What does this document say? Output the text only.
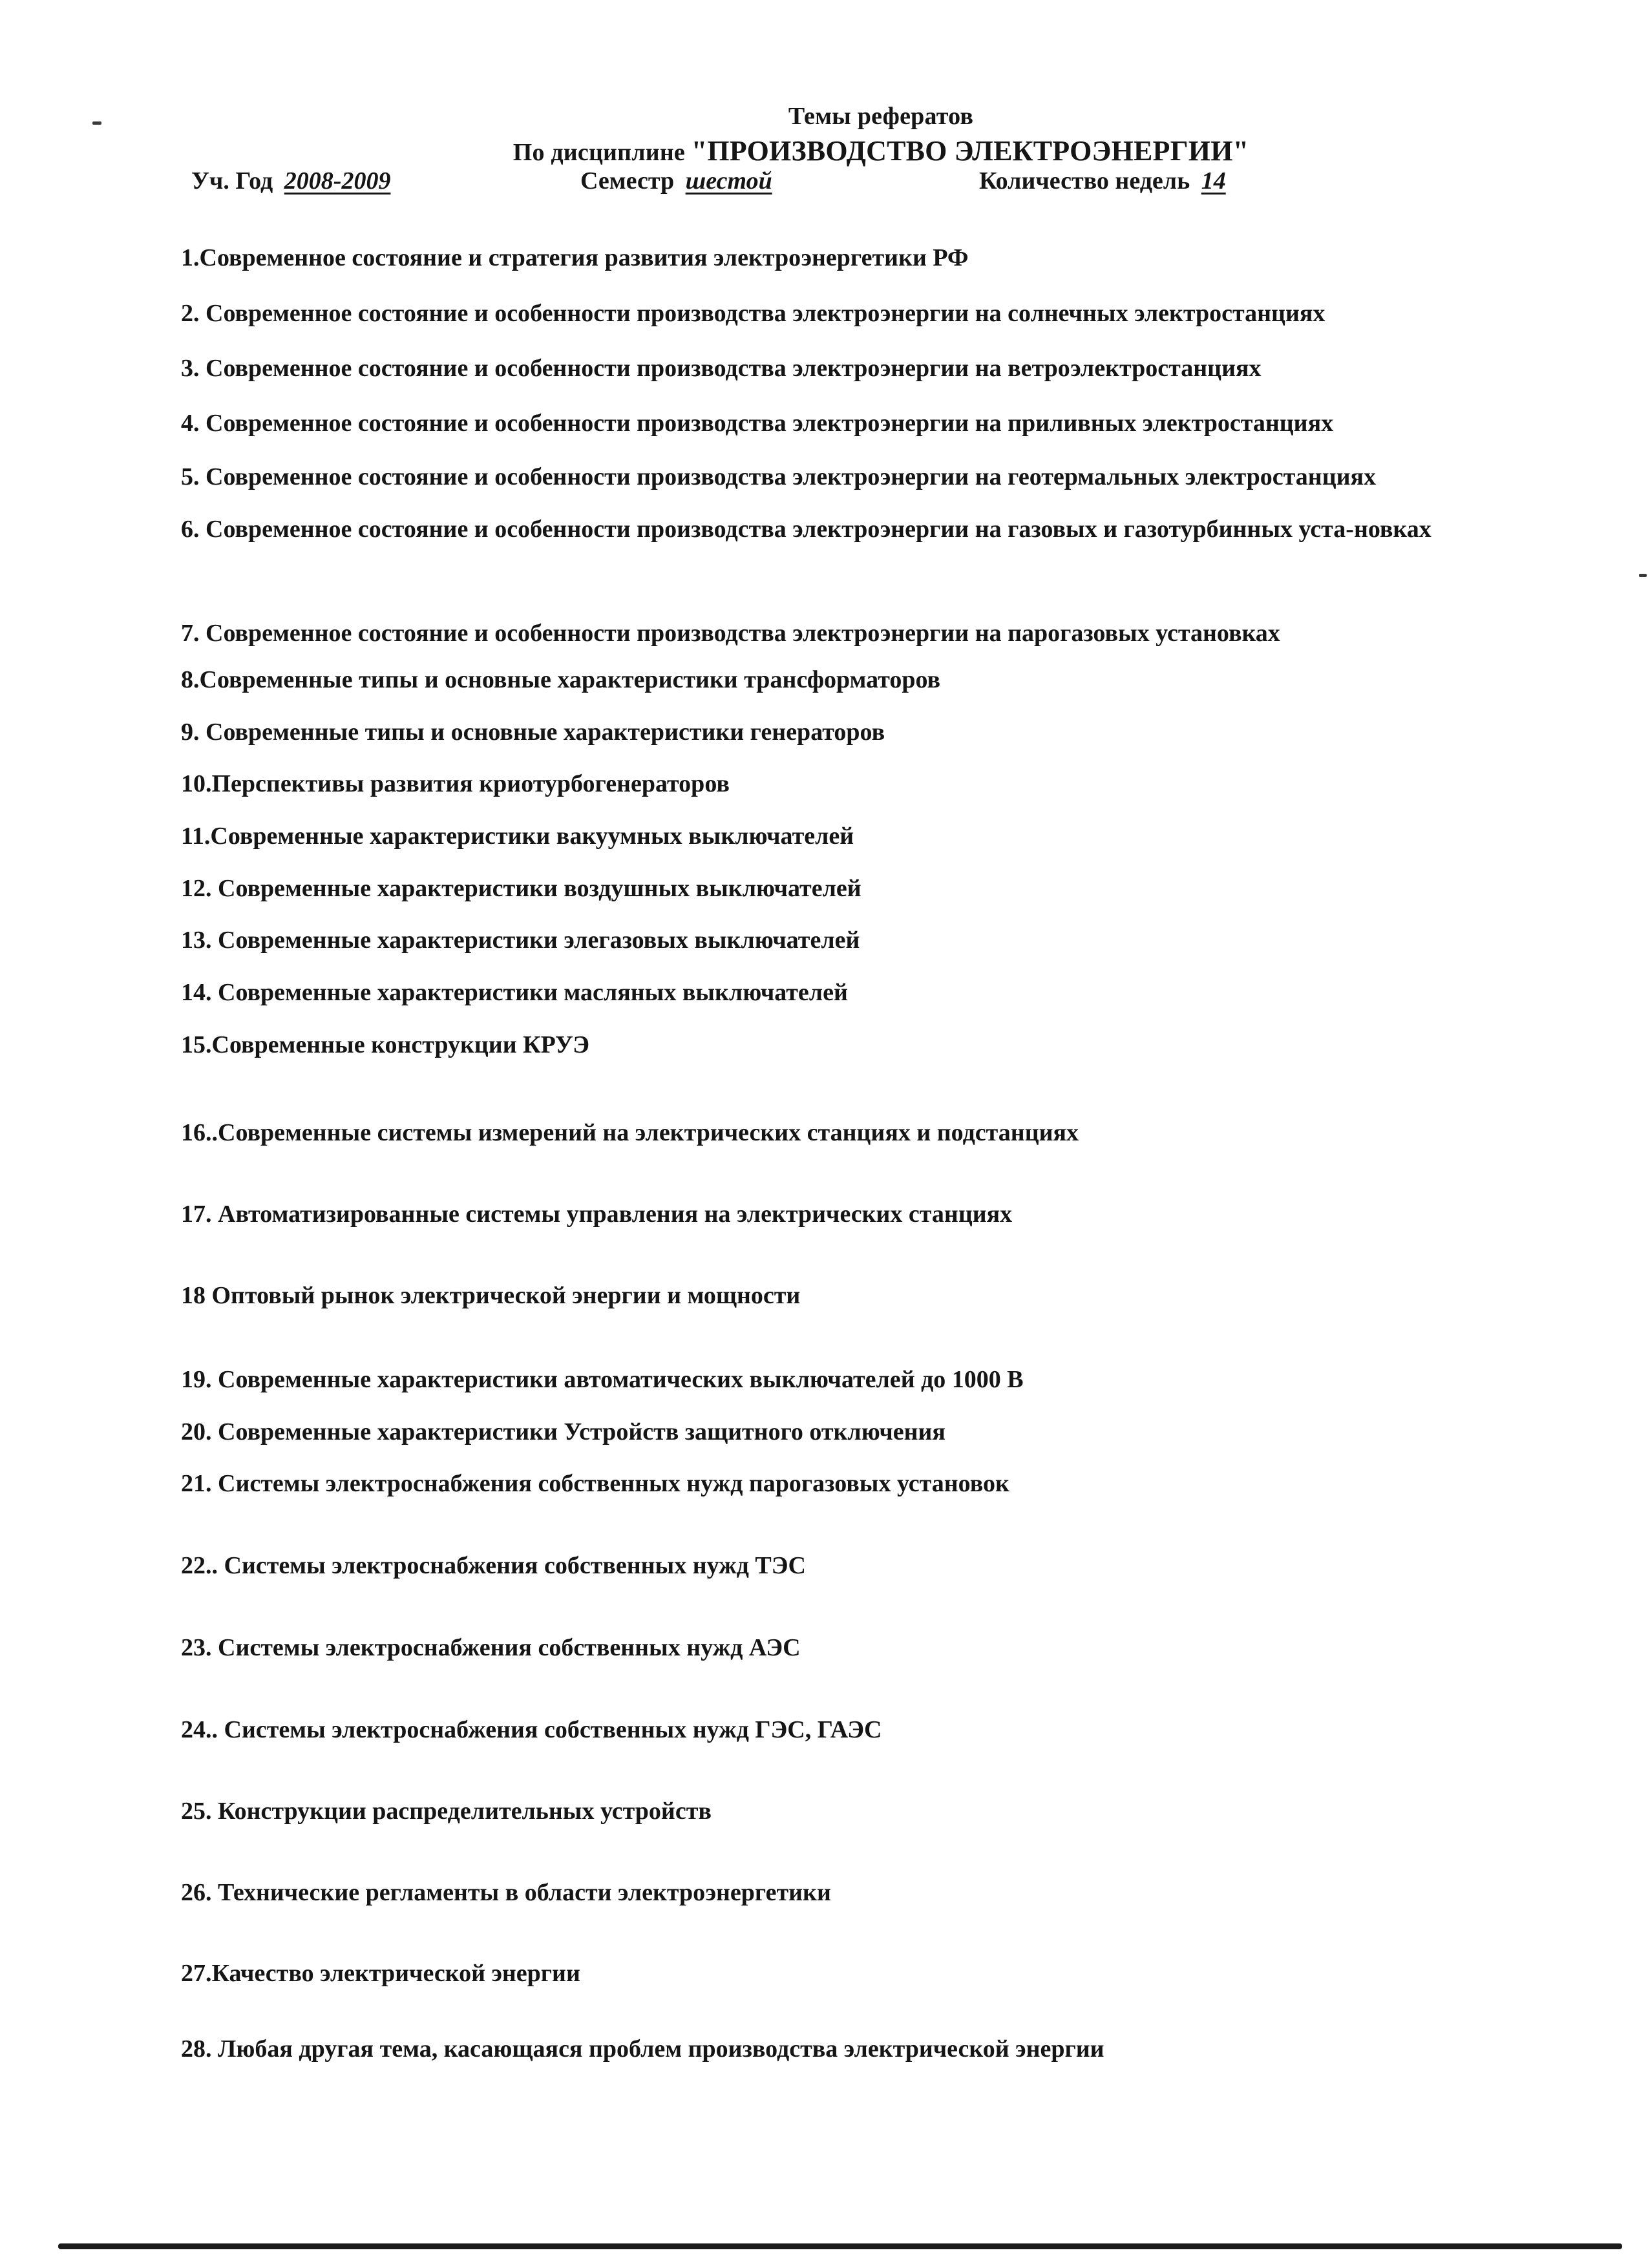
Темы рефератов
По дисциплине "ПРОИЗВОДСТВО ЭЛЕКТРОЭНЕРГИИ"
Уч. Год 2008-2009	Семестр шестой	Количество недель 14
1.Современное состояние и стратегия развития электроэнергетики РФ
2. Современное состояние и особенности производства электроэнергии на солнечных электростанциях
3. Современное состояние и особенности производства электроэнергии на ветроэлектростанциях
4. Современное состояние и особенности производства электроэнергии на приливных электростанциях
5. Современное состояние и особенности производства электроэнергии на геотермальных электростанциях
6. Современное состояние и особенности производства электроэнергии на газовых и газотурбинных уста-новках
7. Современное состояние и особенности производства электроэнергии на парогазовых установках
8.Современные типы и основные характеристики трансформаторов
9. Современные типы и основные характеристики генераторов
10.Перспективы развития криотурбогенераторов
11.Современные характеристики вакуумных выключателей
12. Современные характеристики воздушных выключателей
13. Современные характеристики элегазовых выключателей
14. Современные характеристики масляных выключателей
15.Современные конструкции КРУЭ
16..Современные системы измерений на электрических станциях и подстанциях
17. Автоматизированные системы управления на электрических станциях
18 Оптовый рынок электрической энергии и мощности
19. Современные характеристики автоматических выключателей до 1000 В
20. Современные характеристики Устройств защитного отключения
21. Системы электроснабжения собственных нужд парогазовых установок
22.. Системы электроснабжения собственных нужд ТЭС
23. Системы электроснабжения собственных нужд АЭС
24.. Системы электроснабжения собственных нужд ГЭС, ГАЭС
25. Конструкции распределительных устройств
26. Технические регламенты в области электроэнергетики
27.Качество электрической энергии
28. Любая другая тема, касающаяся проблем производства электрической энергии
